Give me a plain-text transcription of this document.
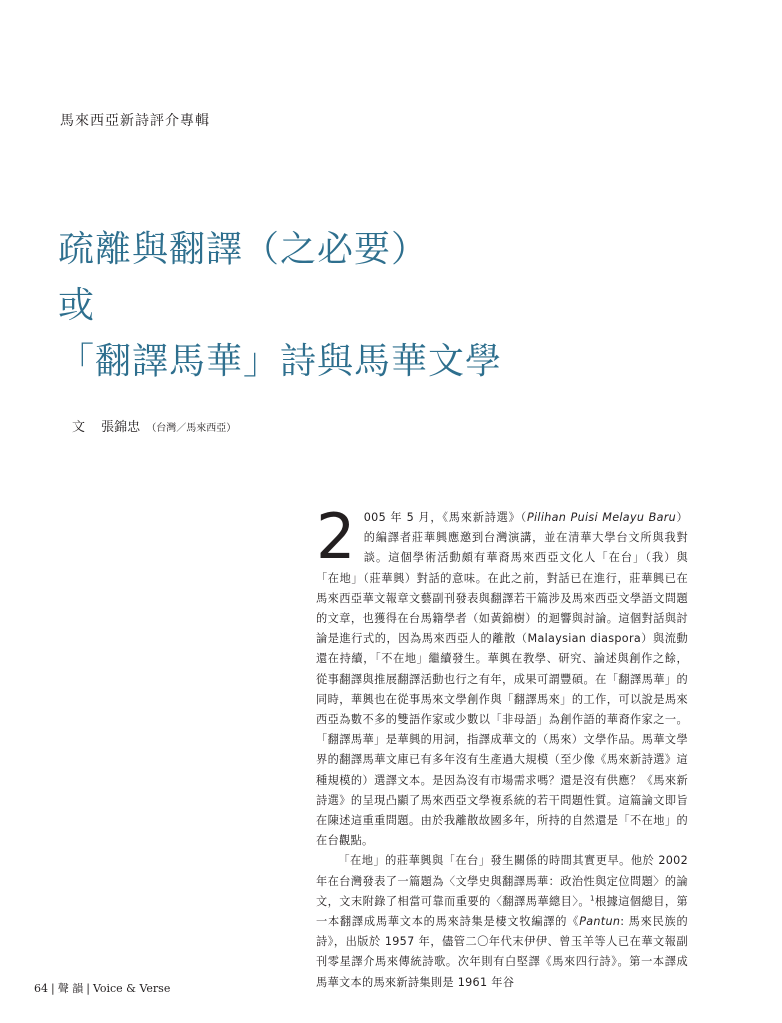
馬來西亞新詩評介專輯
疏離與翻譯（之必要）
或
「翻譯馬華」詩與馬華文學
文 張錦忠 （台灣／馬來西亞）

2 005 年 5 月，《馬來新詩選》（Pilihan Puisi Melayu Baru）的編譯者莊華興應邀到台灣演講，並在清華大學台文所與我對談。這個學術活動頗有華裔馬來西亞文化人「在台」（我）與「在地」（莊華興）對話的意味。在此之前，對話已在進行，莊華興已在馬來西亞華文報章文藝副刊發表與翻譯若干篇涉及馬來西亞文學語文問題的文章，也獲得在台馬籍學者（如黃錦樹）的迴響與討論。這個對話與討論是進行式的，因為馬來西亞人的離散（Malaysian diaspora）與流動還在持續，「不在地」繼續發生。華興在教學、研究、論述與創作之餘，從事翻譯與推展翻譯活動也行之有年，成果可謂豐碩。在「翻譯馬華」的同時，華興也在從事馬來文學創作與「翻譯馬來」的工作，可以說是馬來西亞為數不多的雙語作家或少數以「非母語」為創作語的華裔作家之一。「翻譯馬華」是華興的用詞，指譯成華文的（馬來）文學作品。馬華文學界的翻譯馬華文庫已有多年沒有生產過大規模（至少像《馬來新詩選》這種規模的）選譯文本。是因為沒有市場需求嗎？還是沒有供應？《馬來新詩選》的呈現凸顯了馬來西亞文學複系統的若干問題性質。這篇論文即旨在陳述這重重問題。由於我離散故國多年，所持的自然還是「不在地」的在台觀點。

「在地」的莊華興與「在台」發生關係的時間其實更早。他於 2002 年在台灣發表了一篇題為〈文學史與翻譯馬華：政治性與定位問題〉的論文，文末附錄了相當可靠而重要的〈翻譯馬華總目〉。$^1$根據這個總目，第一本翻譯成馬華文本的馬來詩集是棲文牧編譯的《Pantun: 馬來民族的詩》，出版於 1957 年，儘管二〇年代末伊伊、曾玉羊等人已在華文報副刊零星譯介馬來傳統詩歌。次年則有白堅譯《馬來四行詩》。第一本譯成馬華文本的馬來新詩集則是 1961 年谷

64 | 聲 韻 | Voice & Verse
